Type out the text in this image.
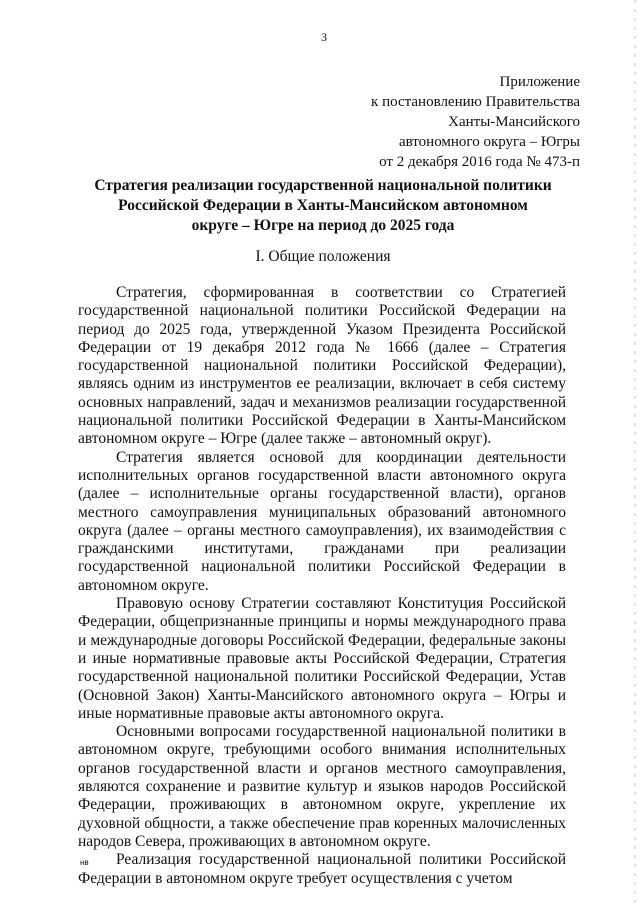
3
Приложение
к постановлению Правительства
Ханты-Мансийского
автономного округа – Югры
от 2 декабря 2016 года № 473-п
Стратегия реализации государственной национальной политики
Российской Федерации в Ханты-Мансийском автономном
округе – Югре на период до 2025 года
I. Общие положения

Стратегия, сформированная в соответствии со Стратегией государственной национальной политики Российской Федерации на период до 2025 года, утвержденной Указом Президента Российской Федерации от 19 декабря 2012 года № 1666 (далее – Стратегия государственной национальной политики Российской Федерации), являясь одним из инструментов ее реализации, включает в себя систему основных направлений, задач и механизмов реализации государственной национальной политики Российской Федерации в Ханты-Мансийском автономном округе – Югре (далее также – автономный округ).

Стратегия является основой для координации деятельности исполнительных органов государственной власти автономного округа (далее – исполнительные органы государственной власти), органов местного самоуправления муниципальных образований автономного округа (далее – органы местного самоуправления), их взаимодействия с гражданскими институтами, гражданами при реализации государственной национальной политики Российской Федерации в автономном округе.

Правовую основу Стратегии составляют Конституция Российской Федерации, общепризнанные принципы и нормы международного права и международные договоры Российской Федерации, федеральные законы и иные нормативные правовые акты Российской Федерации, Стратегия государственной национальной политики Российской Федерации, Устав (Основной Закон) Ханты-Мансийского автономного округа – Югры и иные нормативные правовые акты автономного округа.

Основными вопросами государственной национальной политики в автономном округе, требующими особого внимания исполнительных органов государственной власти и органов местного самоуправления, являются сохранение и развитие культур и языков народов Российской Федерации, проживающих в автономном округе, укрепление их духовной общности, а также обеспечение прав коренных малочисленных народов Севера, проживающих в автономном округе.

Реализация государственной национальной политики Российской Федерации в автономном округе требует осуществления с учетом

нв
